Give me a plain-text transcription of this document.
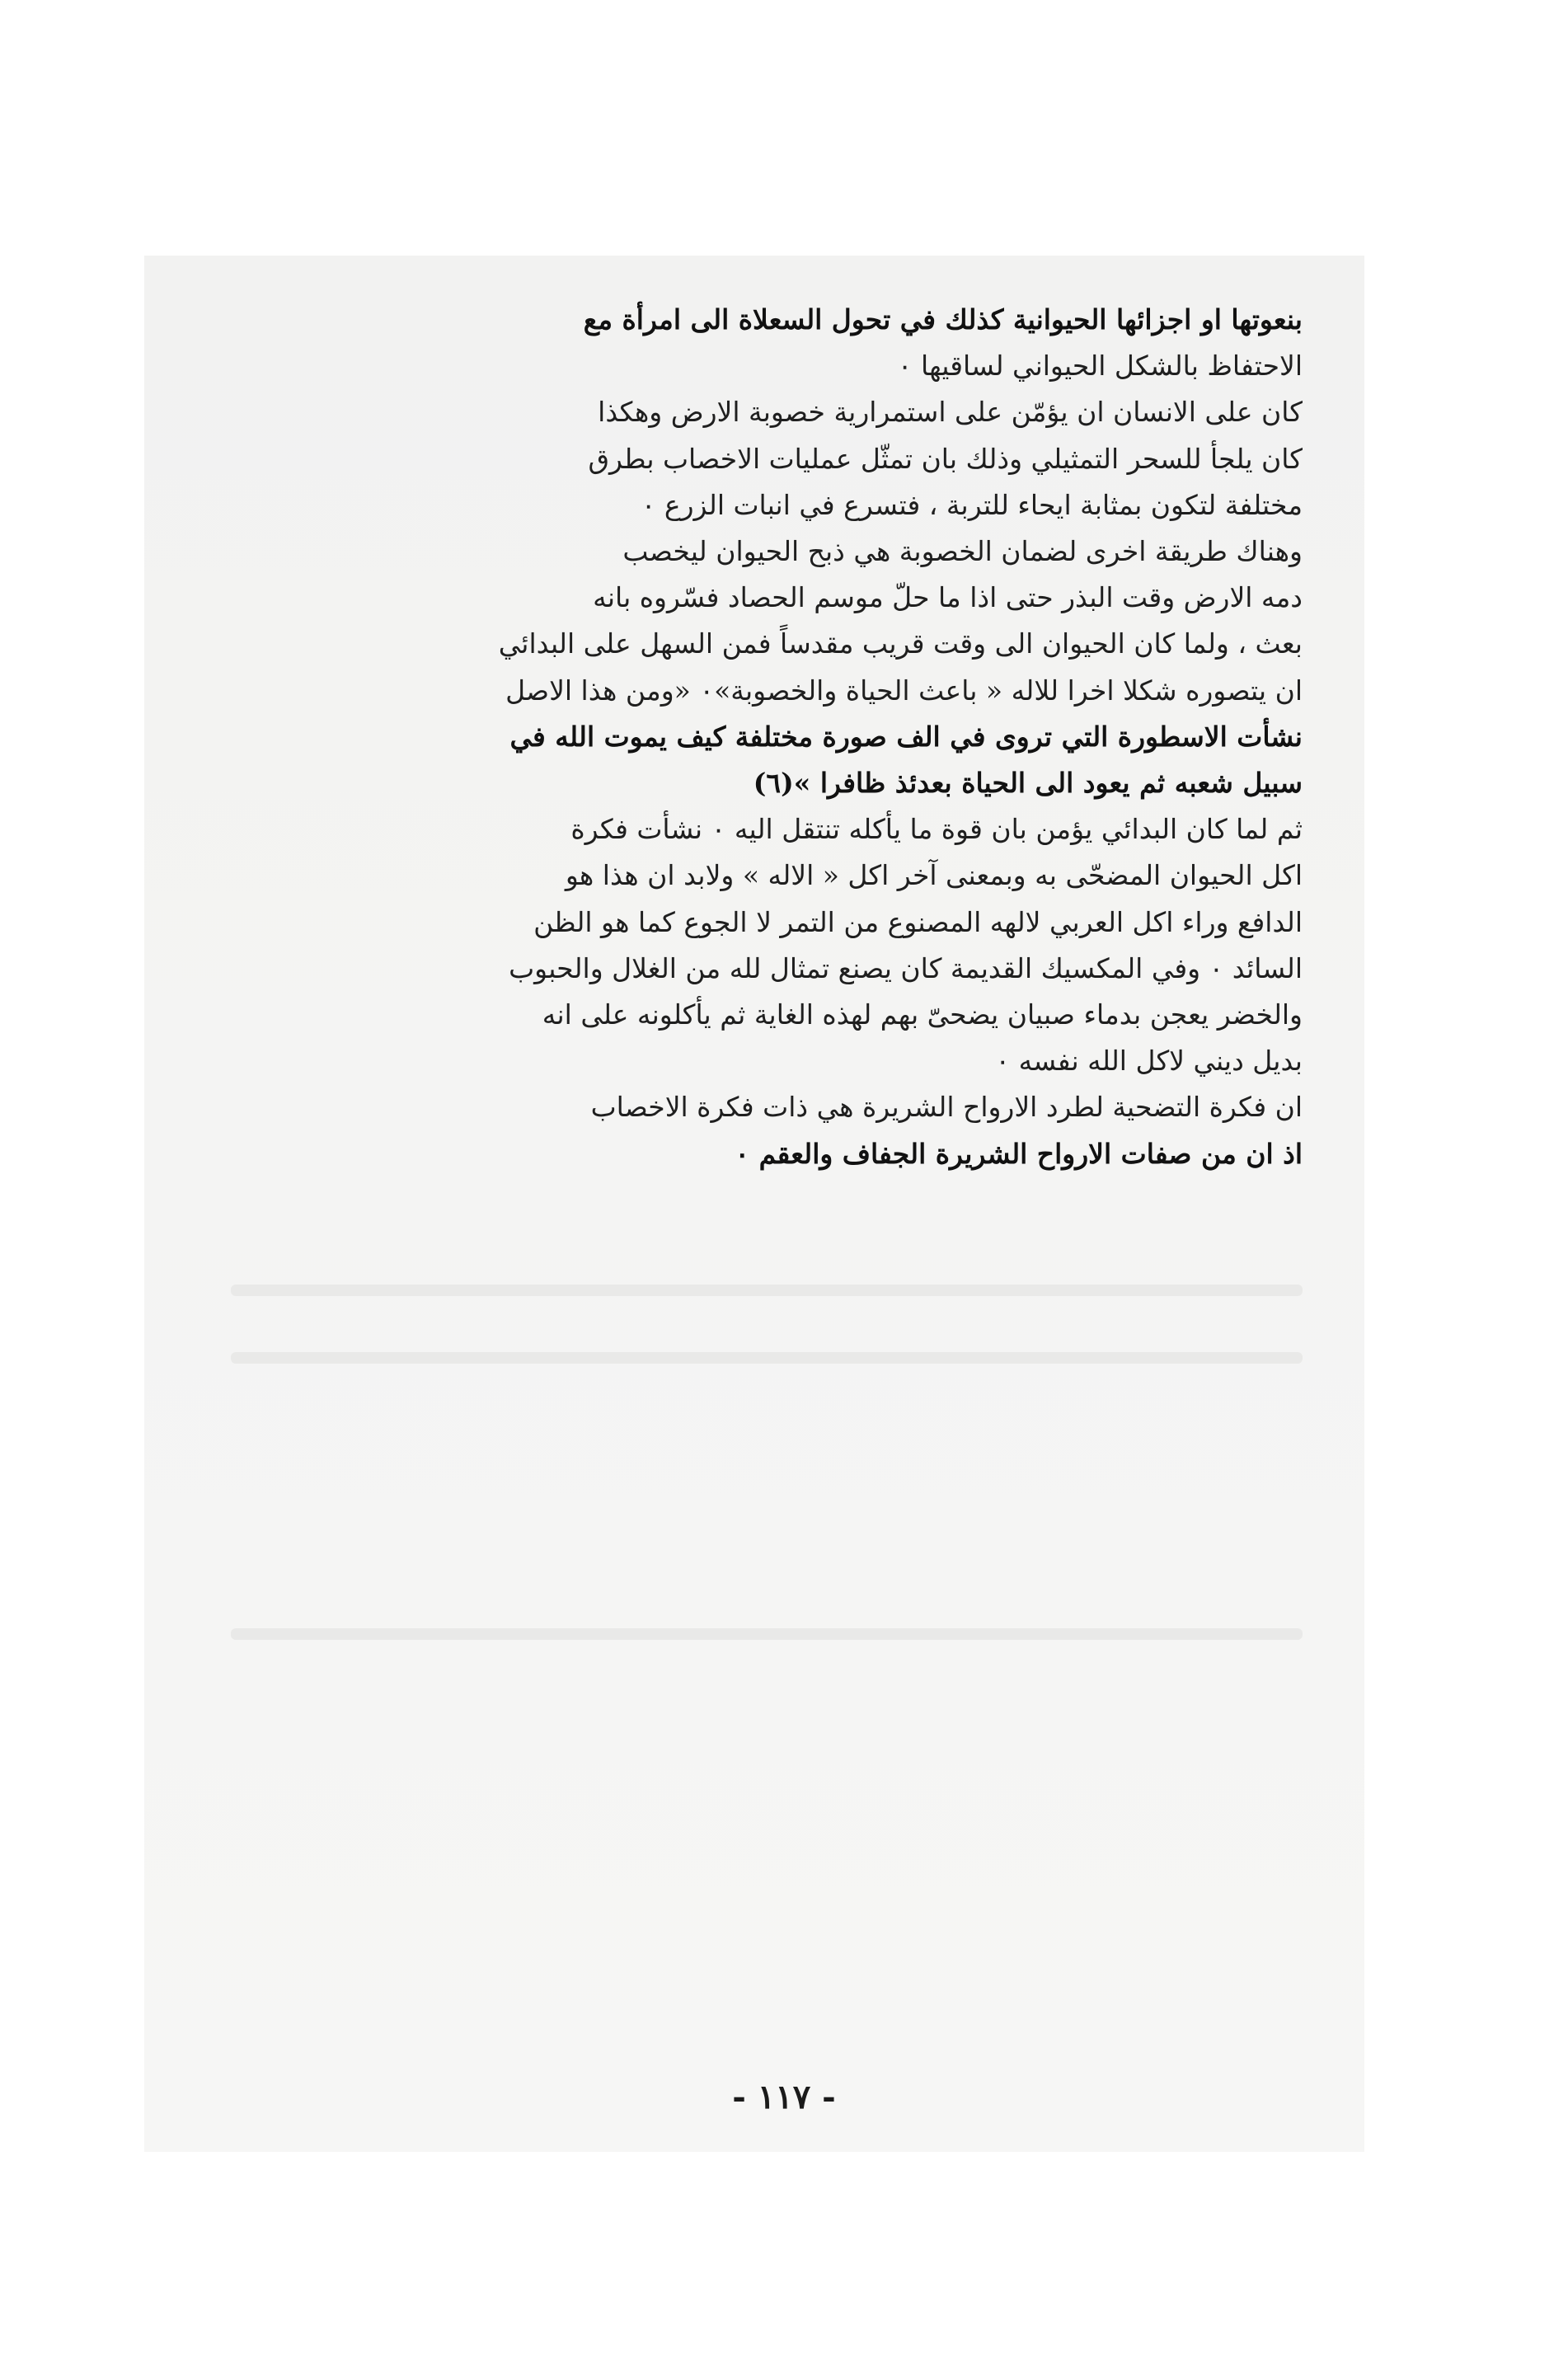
بنعوتها او اجزائها الحيوانية كذلك في تحول السعلاة الى امرأة مع
الاحتفاظ بالشكل الحيواني لساقيها ٠
كان على الانسان ان يؤمّن على استمرارية خصوبة الارض وهكذا
كان يلجأ للسحر التمثيلي وذلك بان تمثّل عمليات الاخصاب بطرق
مختلفة لتكون بمثابة ايحاء للتربة ، فتسرع في انبات الزرع ٠
وهناك طريقة اخرى لضمان الخصوبة هي ذبح الحيوان ليخصب
دمه الارض وقت البذر حتى اذا ما حلّ موسم الحصاد فسّروه بانه
بعث ، ولما كان الحيوان الى وقت قريب مقدساً فمن السهل على البدائي
ان يتصوره شكلا اخرا للاله « باعث الحياة والخصوبة»٠ «ومن هذا الاصل
نشأت الاسطورة التي تروى في الف صورة مختلفة كيف يموت الله في
سبيل شعبه ثم يعود الى الحياة بعدئذ ظافرا »(٦)
ثم لما كان البدائي يؤمن بان قوة ما يأكله تنتقل اليه ٠ نشأت فكرة
اكل الحيوان المضحّى به وبمعنى آخر اكل « الاله » ولابد ان هذا هو
الدافع وراء اكل العربي لالهه المصنوع من التمر لا الجوع كما هو الظن
السائد ٠ وفي المكسيك القديمة كان يصنع تمثال لله من الغلال والحبوب
والخضر يعجن بدماء صبيان يضحىّ بهم لهذه الغاية ثم يأكلونه على انه
بديل ديني لاكل الله نفسه ٠
ان فكرة التضحية لطرد الارواح الشريرة هي ذات فكرة الاخصاب
اذ ان من صفات الارواح الشريرة الجفاف والعقم ٠
- ١١٧ -
